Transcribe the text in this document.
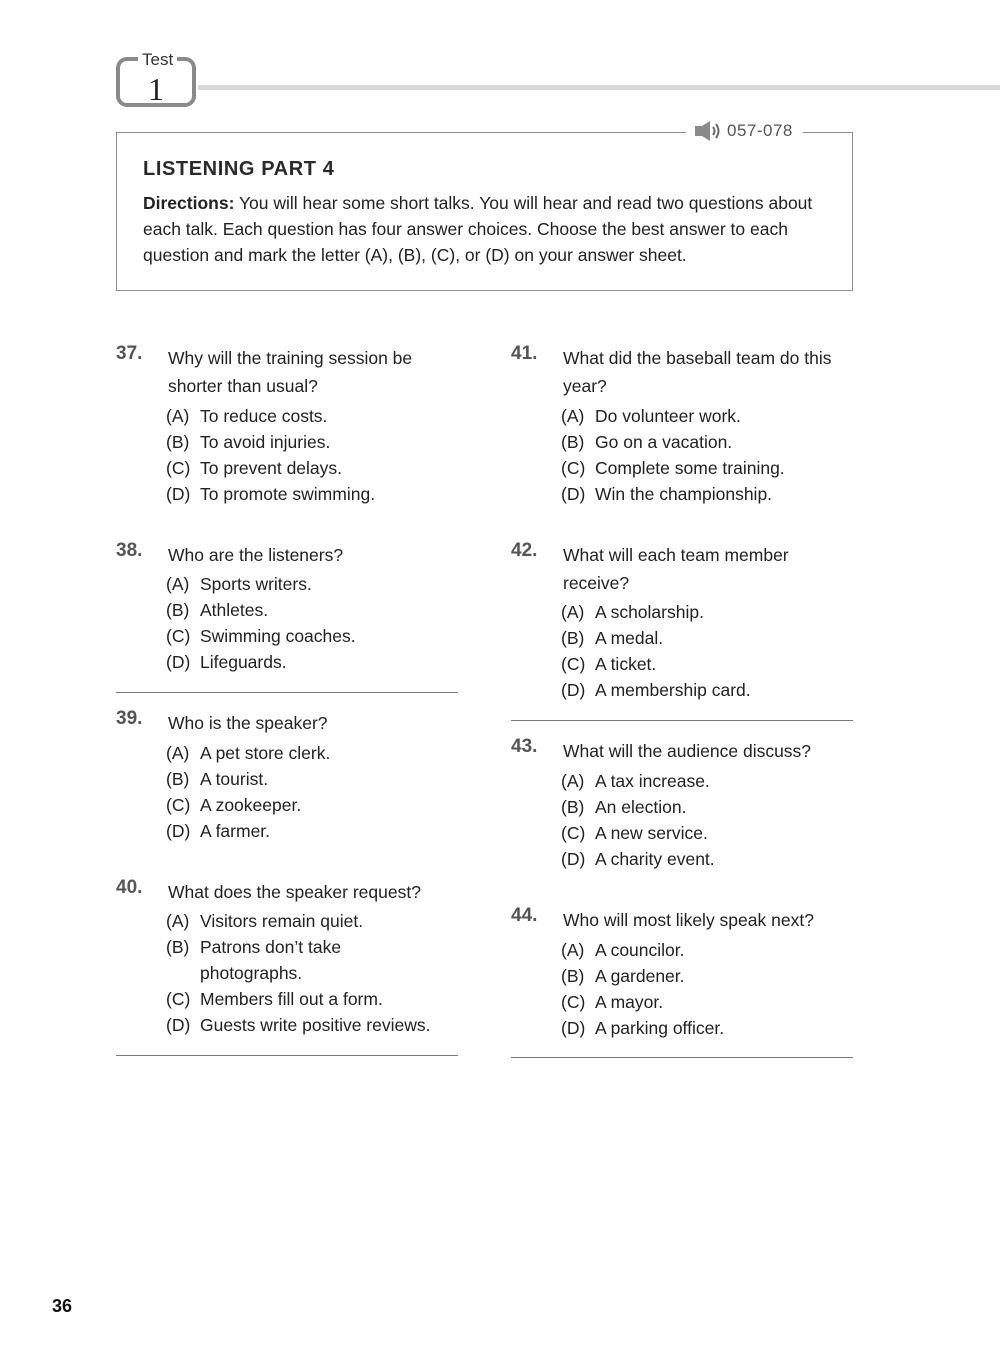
Test
1
057-078
LISTENING PART 4
Directions: You will hear some short talks. You will hear and read two questions about each talk. Each question has four answer choices. Choose the best answer to each question and mark the letter (A), (B), (C), or (D) on your answer sheet.
37. Why will the training session be shorter than usual?
(A) To reduce costs.
(B) To avoid injuries.
(C) To prevent delays.
(D) To promote swimming.
38. Who are the listeners?
(A) Sports writers.
(B) Athletes.
(C) Swimming coaches.
(D) Lifeguards.
39. Who is the speaker?
(A) A pet store clerk.
(B) A tourist.
(C) A zookeeper.
(D) A farmer.
40. What does the speaker request?
(A) Visitors remain quiet.
(B) Patrons don’t take photographs.
(C) Members fill out a form.
(D) Guests write positive reviews.
41. What did the baseball team do this year?
(A) Do volunteer work.
(B) Go on a vacation.
(C) Complete some training.
(D) Win the championship.
42. What will each team member receive?
(A) A scholarship.
(B) A medal.
(C) A ticket.
(D) A membership card.
43. What will the audience discuss?
(A) A tax increase.
(B) An election.
(C) A new service.
(D) A charity event.
44. Who will most likely speak next?
(A) A councilor.
(B) A gardener.
(C) A mayor.
(D) A parking officer.
36
